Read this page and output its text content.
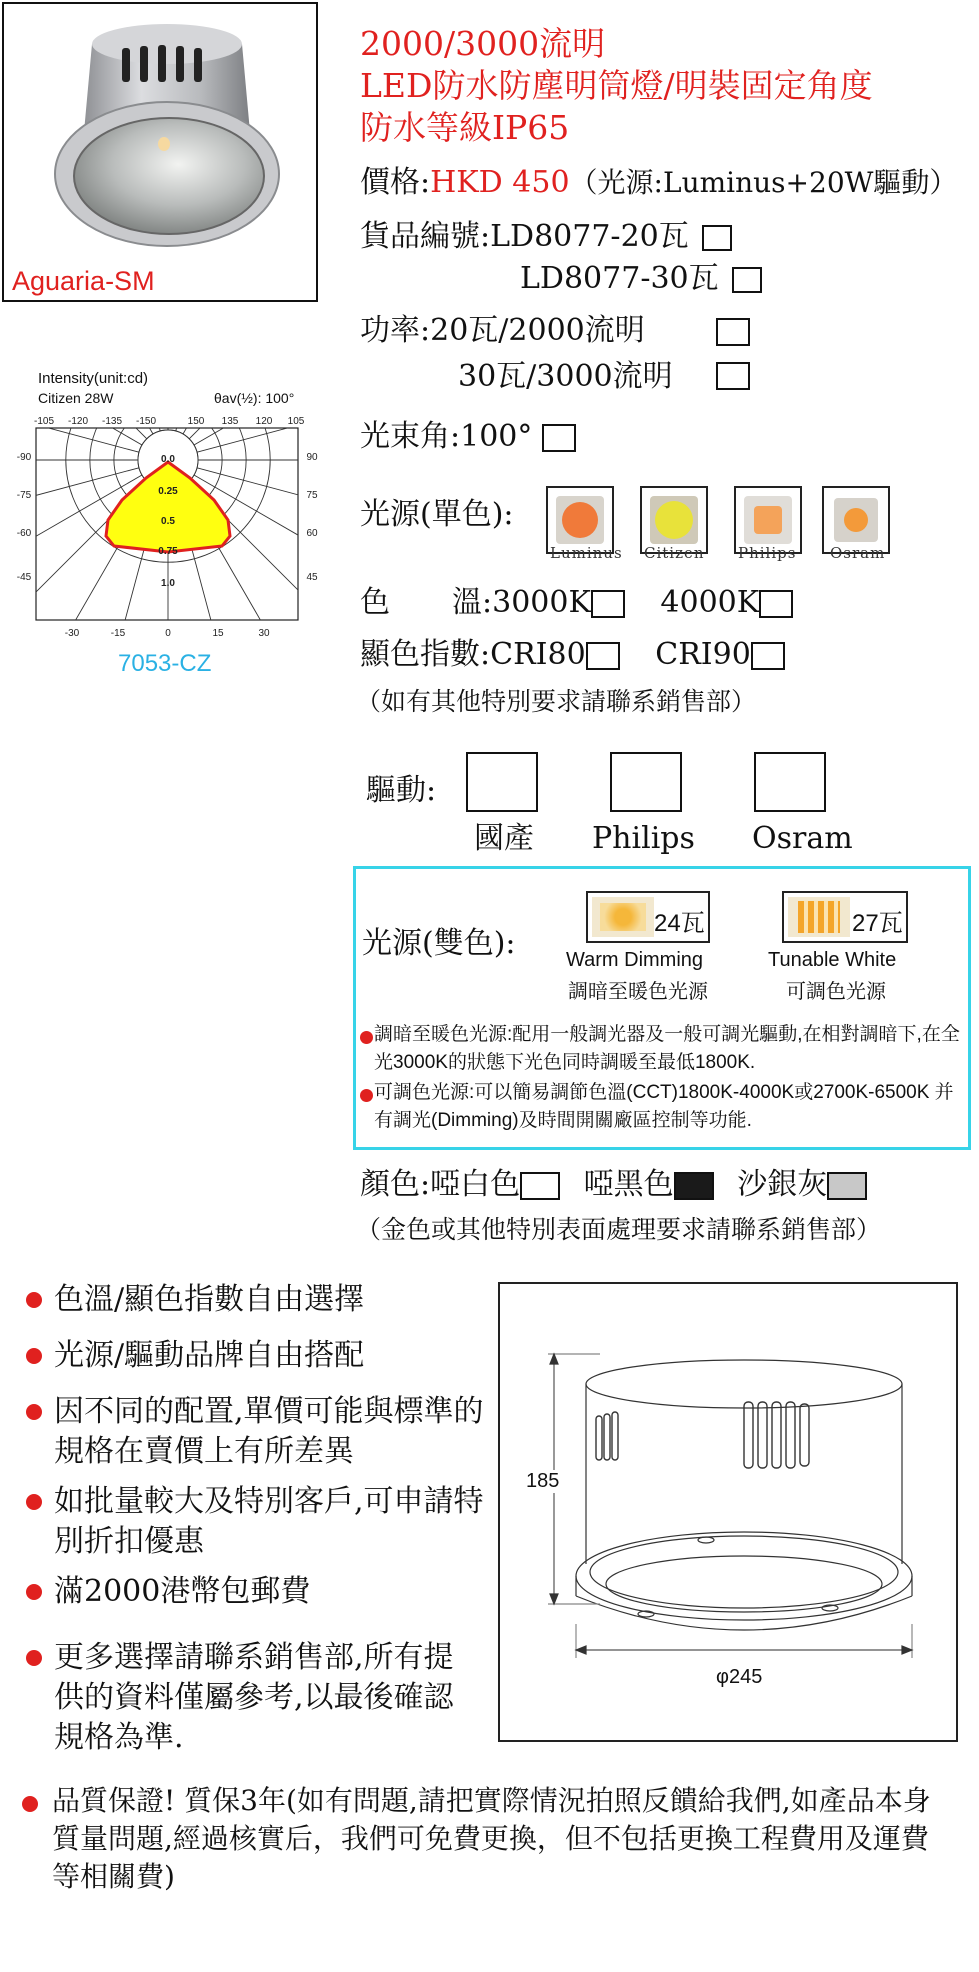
Aguaria-SM
2000/3000流明
LED防水防塵明筒燈/明裝固定角度
防水等級IP65
價格:HKD 450（光源:Luminus+20W驅動）
貨品編號:LD8077-20瓦
LD8077-30瓦
功率:20瓦/2000流明
30瓦/3000流明
光束角:100°
光源(單色):
Luminus Citizen Philips Osram
色 溫:3000K 4000K
顯色指數:CRI80 CRI90
（如有其他特別要求請聯系銷售部）
驅動:
國產 Philips Osram
光源(雙色):
24瓦
Warm Dimming
調暗至暖色光源
27瓦
Tunable White
可調色光源
調暗至暖色光源:配用一般調光器及一般可調光驅動,在相對調暗下,在全光3000K的狀態下光色同時調暖至最低1800K.
可調色光源:可以簡易調節色溫(CCT)1800K-4000K或2700K-6500K 并有調光(Dimming)及時間開關廠區控制等功能.
顏色:啞白色 啞黑色 沙銀灰
（金色或其他特別表面處理要求請聯系銷售部）
Intensity(unit:cd)
Citizen 28W	θav(½): 100°
-105 -120 -135 -150	150 135 120 105
-90
-75
-60
-45
90
75
60
45
-30	-15	0	15	30
0.0
0.25
0.5
0.75
1.0
7053-CZ
色溫/顯色指數自由選擇
光源/驅動品牌自由搭配
因不同的配置,單價可能與標準的規格在賣價上有所差異
如批量較大及特別客戶,可申請特別折扣優惠
滿2000港幣包郵費
更多選擇請聯系銷售部,所有提供的資料僅屬參考,以最後確認規格為準.
185
φ245
品質保證! 質保3年(如有問題,請把實際情況拍照反饋給我們,如產品本身質量問題,經過核實后，我們可免費更換，但不包括更換工程費用及運費等相關費)
